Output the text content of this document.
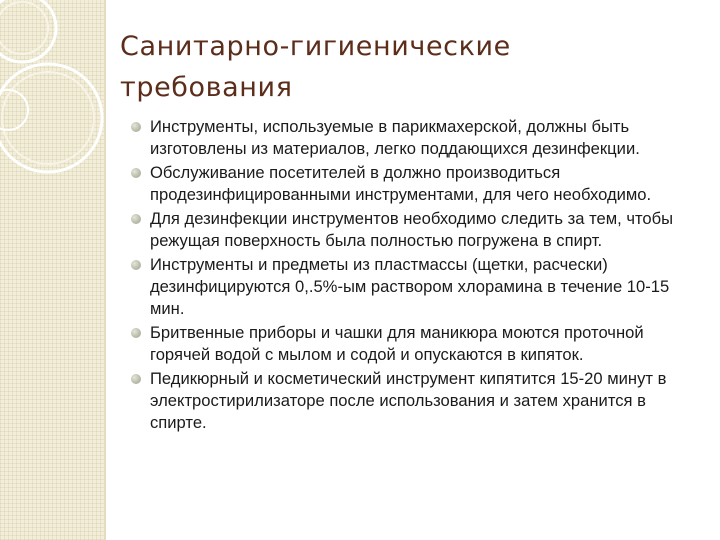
Санитарно-гигиенические требования
Инструменты, используемые в парикмахерской, должны быть изготовлены из материалов, легко поддающихся дезинфекции.
Обслуживание посетителей в должно производиться продезинфицированными инструментами, для чего необходимо.
Для дезинфекции инструментов необходимо следить за тем, чтобы режущая поверхность была полностью погружена в спирт.
Инструменты и предметы из пластмассы (щетки, расчески) дезинфицируются 0,.5%-ым раствором хлорамина в течение 10-15 мин.
Бритвенные приборы и чашки для маникюра моются проточной горячей водой с мылом и содой и опускаются в кипяток.
Педикюрный и косметический инструмент кипятится 15-20 минут в электростирилизаторе после использования и затем хранится в спирте.
